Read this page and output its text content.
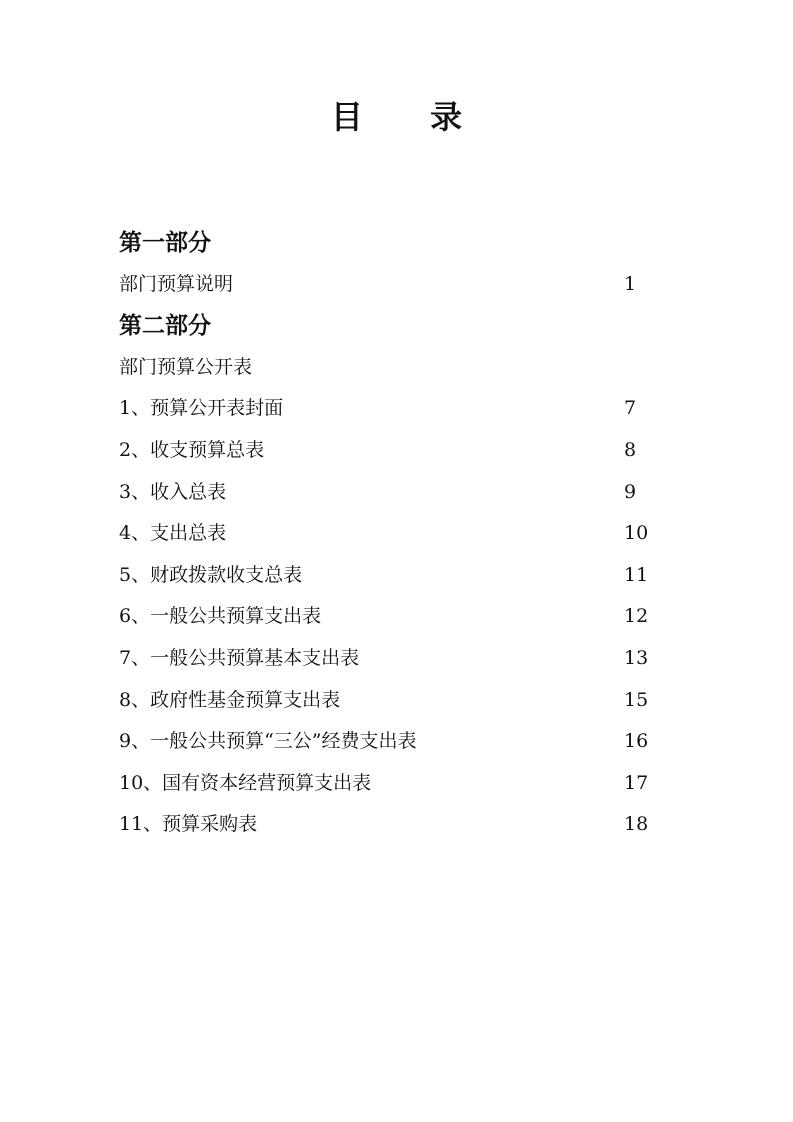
目 录
第一部分
部门预算说明	1
第二部分
部门预算公开表
1、预算公开表封面	7
2、收支预算总表	8
3、收入总表	9
4、支出总表	10
5、财政拨款收支总表	11
6、一般公共预算支出表	12
7、一般公共预算基本支出表	13
8、政府性基金预算支出表	15
9、一般公共预算“三公”经费支出表	16
10、国有资本经营预算支出表	17
11、预算采购表	18
